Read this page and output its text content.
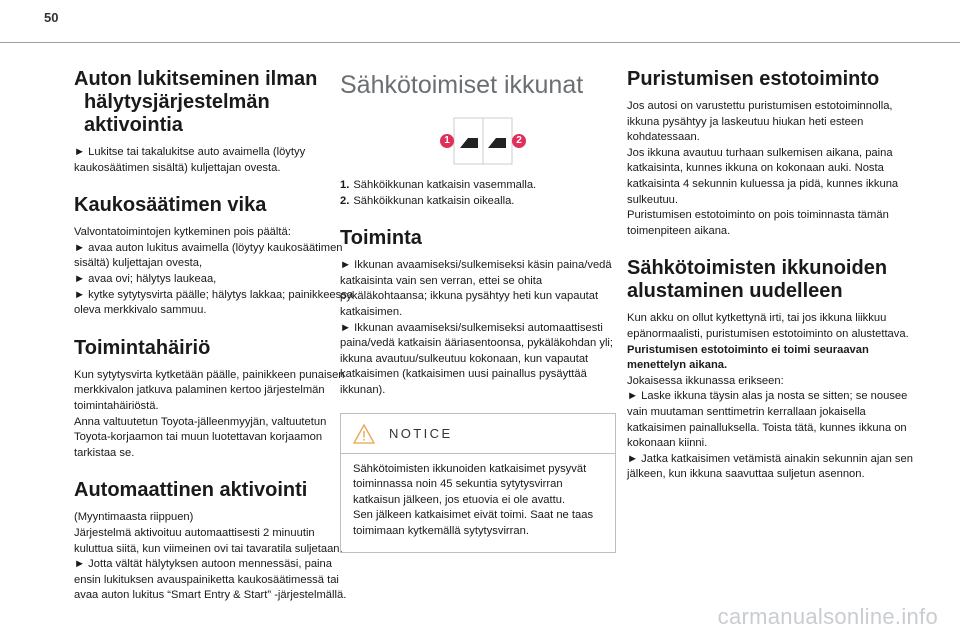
50
Auton lukitseminen ilman
hälytysjärjestelmän
aktivointia

► Lukitse tai takalukitse auto avaimella (löytyy kaukosäätimen sisältä) kuljettajan ovesta.

Kaukosäätimen vika

Valvontatoimintojen kytkeminen pois päältä:

► avaa auton lukitus avaimella (löytyy kaukosäätimen sisältä) kuljettajan ovesta,

► avaa ovi; hälytys laukeaa,

► kytke sytytysvirta päälle; hälytys lakkaa; painikkeessa oleva merkkivalo sammuu.

Toimintahäiriö

Kun sytytysvirta kytketään päälle, painikkeen punaisen merkkivalon jatkuva palaminen kertoo järjestelmän toimintahäiriöstä.

Anna valtuutetun Toyota-jälleenmyyjän, valtuutetun Toyota-korjaamon tai muun luotettavan korjaamon tarkistaa se.

Automaattinen aktivointi

(Myyntimaasta riippuen)

Järjestelmä aktivoituu automaattisesti 2 minuutin kuluttua siitä, kun viimeinen ovi tai tavaratila suljetaan.

► Jotta vältät hälytyksen autoon mennessäsi, paina ensin lukituksen avauspainiketta kaukosäätimessä tai avaa auton lukitus “Smart Entry & Start” -järjestelmällä.

Sähkötoimiset ikkunat
1	2
1. Sähköikkunan katkaisin vasemmalla.
2. Sähköikkunan katkaisin oikealla.
Toiminta

► Ikkunan avaamiseksi/sulkemiseksi käsin paina/vedä katkaisinta vain sen verran, ettei se ohita pykäläkohtaansa; ikkuna pysähtyy heti kun vapautat katkaisimen.

► Ikkunan avaamiseksi/sulkemiseksi automaattisesti paina/vedä katkaisin ääriasentoonsa, pykäläkohdan yli; ikkuna avautuu/sulkeutuu kokonaan, kun vapautat katkaisimen (katkaisimen uusi painallus pysäyttää ikkunan).

NOTICE

Sähkötoimisten ikkunoiden katkaisimet pysyvät toiminnassa noin 45 sekuntia sytytysvirran katkaisun jälkeen, jos etuovia ei ole avattu.

Sen jälkeen katkaisimet eivät toimi. Saat ne taas toimimaan kytkemällä sytytysvirran.

Puristumisen estotoiminto

Jos autosi on varustettu puristumisen estotoiminnolla, ikkuna pysähtyy ja laskeutuu hiukan heti esteen kohdatessaan.

Jos ikkuna avautuu turhaan sulkemisen aikana, paina katkaisinta, kunnes ikkuna on kokonaan auki. Nosta katkaisinta 4 sekunnin kuluessa ja pidä, kunnes ikkuna sulkeutuu.

Puristumisen estotoiminto on pois toiminnasta tämän toimenpiteen aikana.

Sähkötoimisten ikkunoiden
alustaminen uudelleen

Kun akku on ollut kytkettynä irti, tai jos ikkuna liikkuu epänormaalisti, puristumisen estotoiminto on alustettava.

Puristumisen estotoiminto ei toimi seuraavan menettelyn aikana.

Jokaisessa ikkunassa erikseen:

► Laske ikkuna täysin alas ja nosta se sitten; se nousee vain muutaman senttimetrin kerrallaan jokaisella katkaisimen painalluksella. Toista tätä, kunnes ikkuna on kokonaan kiinni.

► Jatka katkaisimen vetämistä ainakin sekunnin ajan sen jälkeen, kun ikkuna saavuttaa suljetun asennon.

carmanualsonline.info
